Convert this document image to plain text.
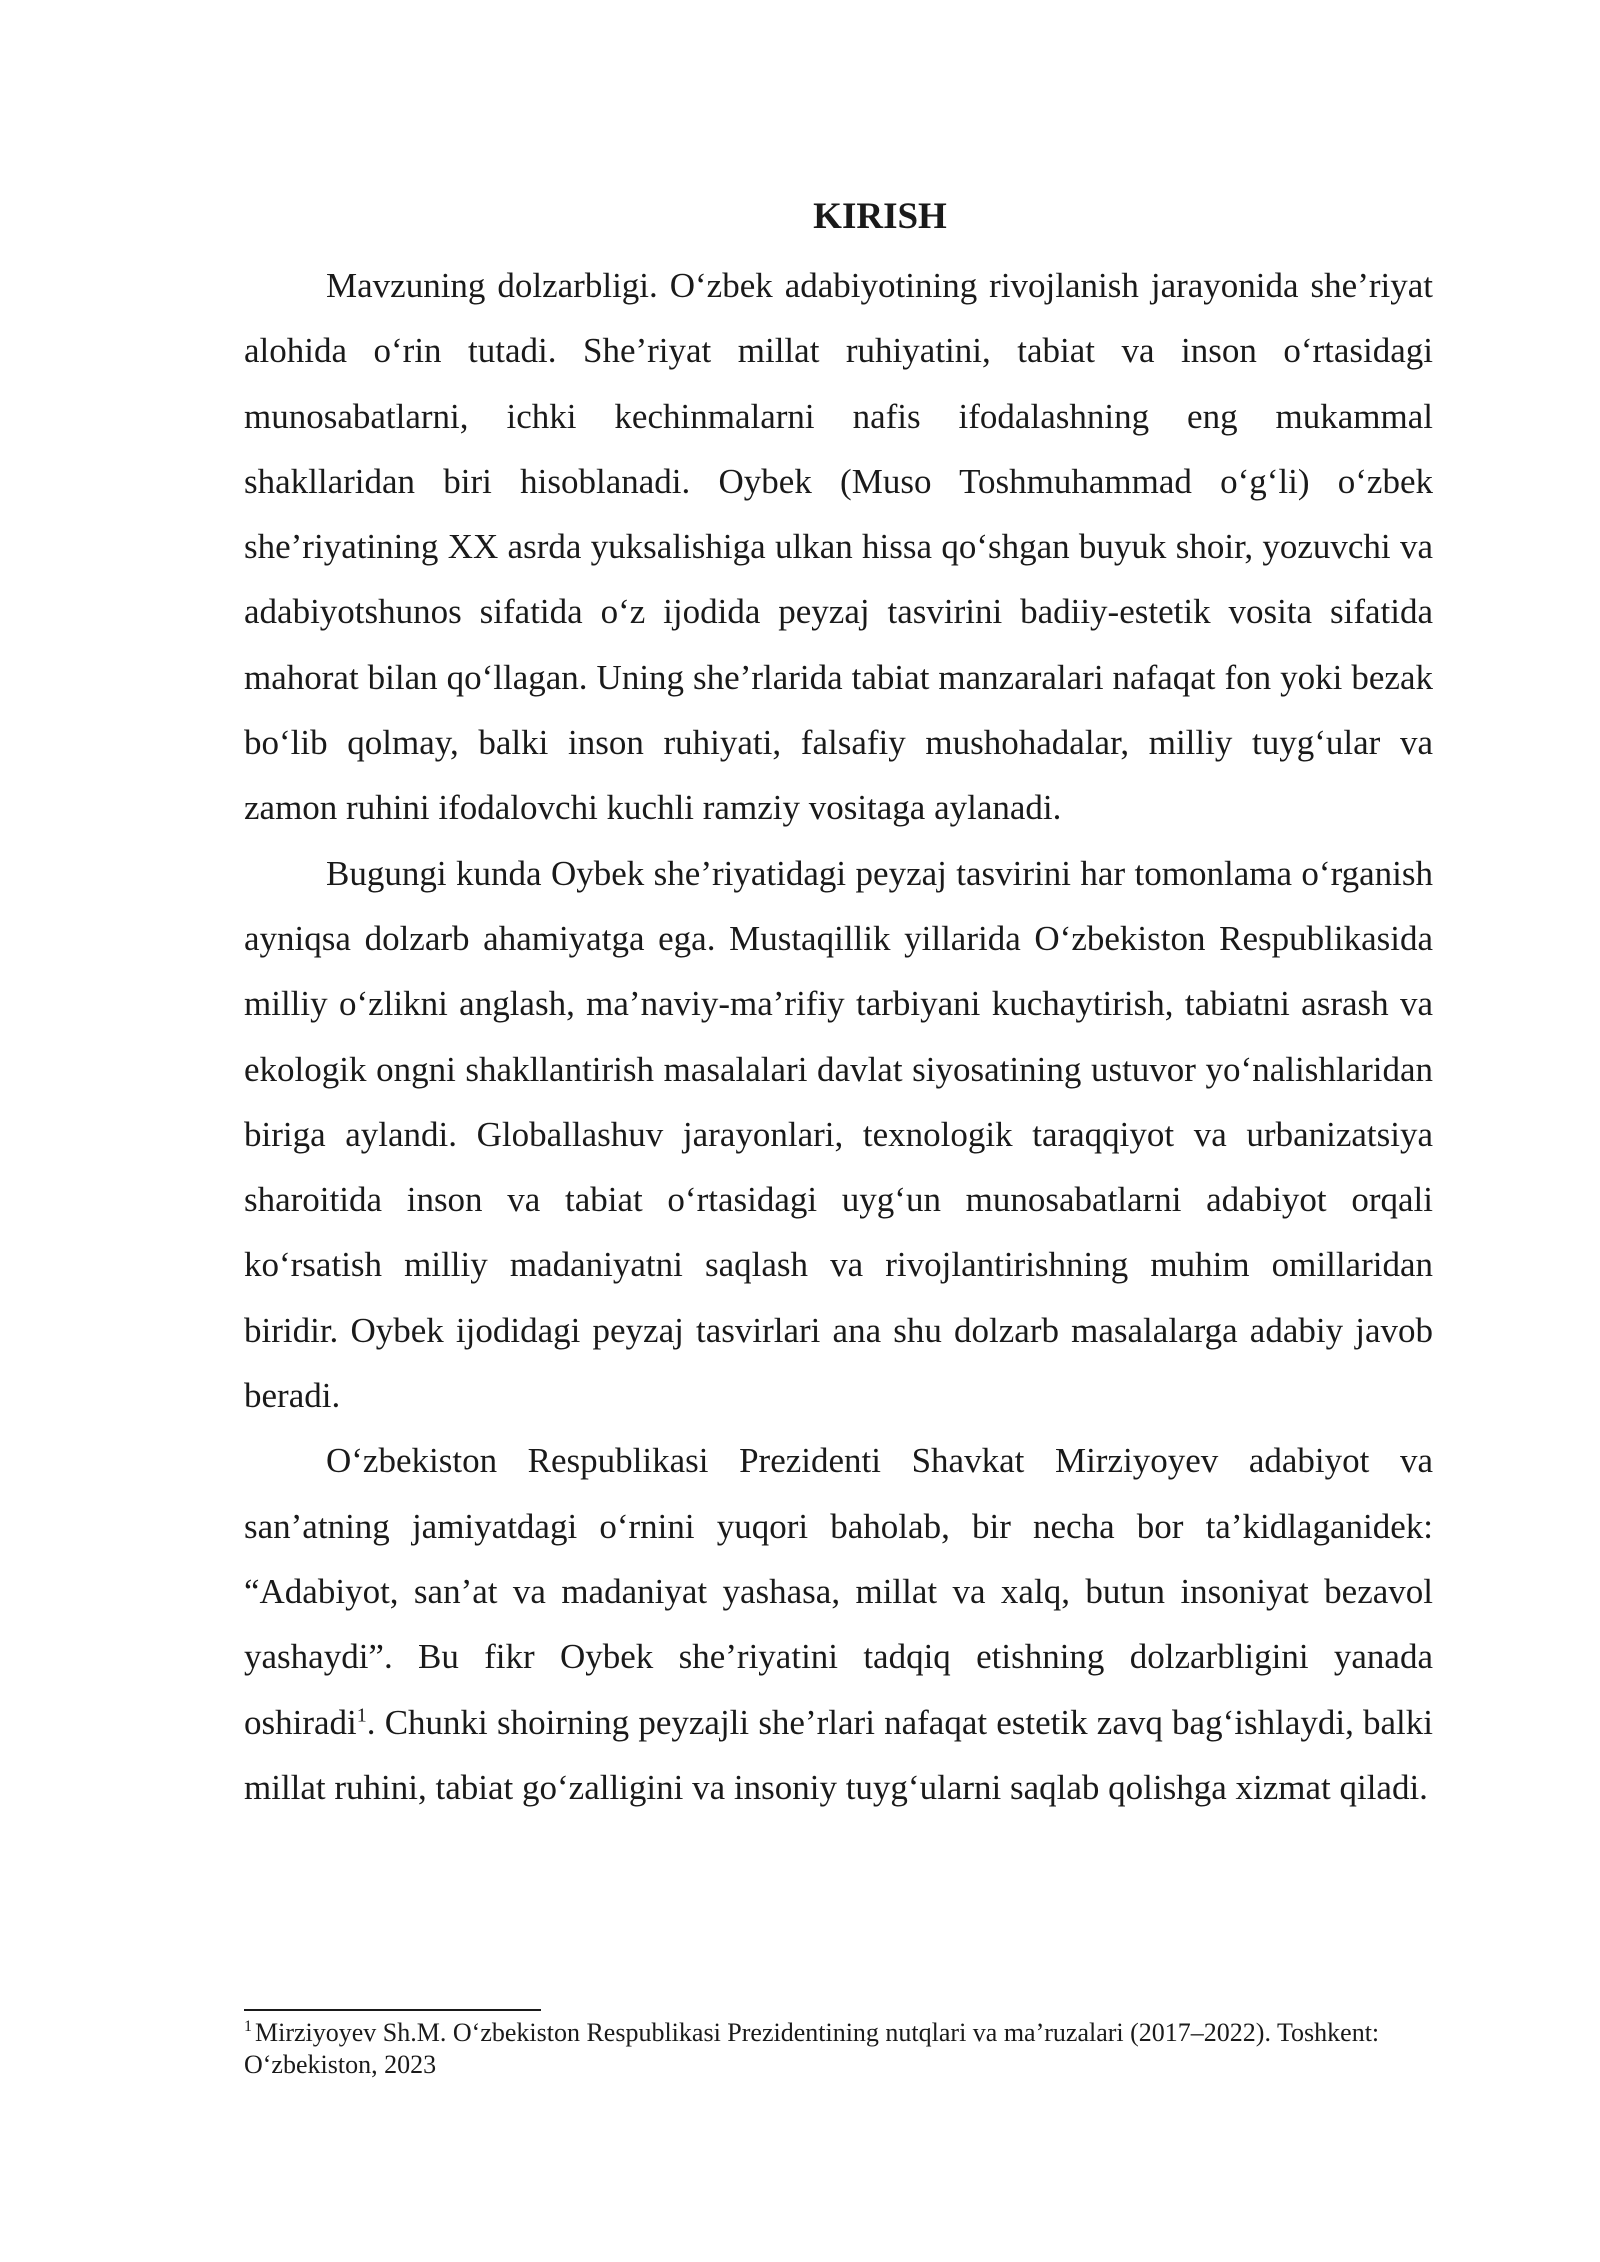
KIRISH

Mavzuning dolzarbligi. O‘zbek adabiyotining rivojlanish jarayonida she’riyat alohida o‘rin tutadi. She’riyat millat ruhiyatini, tabiat va inson o‘rtasidagi munosabatlarni, ichki kechinmalarni nafis ifodalashning eng mukammal shakllaridan biri hisoblanadi. Oybek (Muso Toshmuhammad o‘g‘li) o‘zbek she’riyatining XX asrda yuksalishiga ulkan hissa qo‘shgan buyuk shoir, yozuvchi va adabiyotshunos sifatida o‘z ijodida peyzaj tasvirini badiiy-estetik vosita sifatida mahorat bilan qo‘llagan. Uning she’rlarida tabiat manzaralari nafaqat fon yoki bezak bo‘lib qolmay, balki inson ruhiyati, falsafiy mushohadalar, milliy tuyg‘ular va zamon ruhini ifodalovchi kuchli ramziy vositaga aylanadi.

Bugungi kunda Oybek she’riyatidagi peyzaj tasvirini har tomonlama o‘rganish ayniqsa dolzarb ahamiyatga ega. Mustaqillik yillarida O‘zbekiston Respublikasida milliy o‘zlikni anglash, ma’naviy-ma’rifiy tarbiyani kuchaytirish, tabiatni asrash va ekologik ongni shakllantirish masalalari davlat siyosatining ustuvor yo‘nalishlaridan biriga aylandi. Globallashuv jarayonlari, texnologik taraqqiyot va urbanizatsiya sharoitida inson va tabiat o‘rtasidagi uyg‘un munosabatlarni adabiyot orqali ko‘rsatish milliy madaniyatni saqlash va rivojlantirishning muhim omillaridan biridir. Oybek ijodidagi peyzaj tasvirlari ana shu dolzarb masalalarga adabiy javob beradi.

O‘zbekiston Respublikasi Prezidenti Shavkat Mirziyoyev adabiyot va san’atning jamiyatdagi o‘rnini yuqori baholab, bir necha bor ta’kidlaganidek: “Adabiyot, san’at va madaniyat yashasa, millat va xalq, butun insoniyat bezavol yashaydi”. Bu fikr Oybek she’riyatini tadqiq etishning dolzarbligini yanada oshiradi$^1$. Chunki shoirning peyzajli she’rlari nafaqat estetik zavq bag‘ishlaydi, balki millat ruhini, tabiat go‘zalligini va insoniy tuyg‘ularni saqlab qolishga xizmat qiladi.

$^1$ Mirziyoyev Sh.M. O‘zbekiston Respublikasi Prezidentining nutqlari va ma’ruzalari (2017–2022). Toshkent: O‘zbekiston, 2023
